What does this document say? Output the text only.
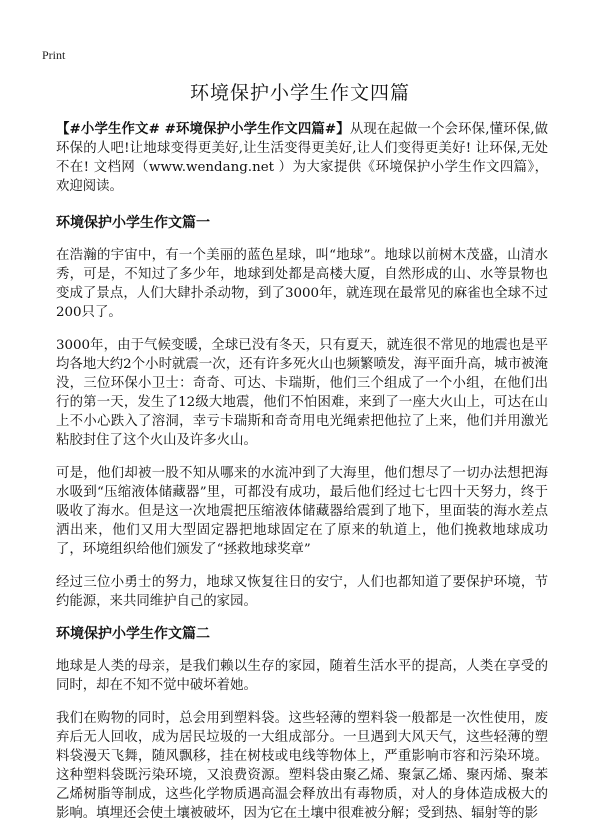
Print
环境保护小学生作文四篇

【#小学生作文# #环境保护小学生作文四篇#】从现在起做一个会环保,懂环保,做环保的人吧!让地球变得更美好,让生活变得更美好,让人们变得更美好! 让环保,无处不在! 文档网（www.wendang.net ）为大家提供《环境保护小学生作文四篇》，欢迎阅读。

环境保护小学生作文篇一

在浩瀚的宇宙中，有一个美丽的蓝色星球，叫“地球”。地球以前树木茂盛，山清水秀，可是，不知过了多少年，地球到处都是高楼大厦，自然形成的山、水等景物也变成了景点，人们大肆扑杀动物，到了3000年，就连现在最常见的麻雀也全球不过200只了。

3000年，由于气候变暖，全球已没有冬天，只有夏天，就连很不常见的地震也是平均各地大约2个小时就震一次，还有许多死火山也频繁喷发，海平面升高，城市被淹没，三位环保小卫士：奇奇、可达、卡瑞斯，他们三个组成了一个小组，在他们出行的第一天，发生了12级大地震，他们不怕困难，来到了一座大火山上，可达在山上不小心跌入了溶洞，幸亏卡瑞斯和奇奇用电光绳索把他拉了上来，他们并用激光粘胶封住了这个火山及许多火山。

可是，他们却被一股不知从哪来的水流冲到了大海里，他们想尽了一切办法想把海水吸到“压缩液体储藏器”里，可都没有成功，最后他们经过七七四十天努力，终于吸收了海水。但是这一次地震把压缩液体储藏器给震到了地下，里面装的海水差点洒出来，他们又用大型固定器把地球固定在了原来的轨道上，他们挽救地球成功了，环境组织给他们颁发了“拯救地球奖章”

经过三位小勇士的努力，地球又恢复往日的安宁，人们也都知道了要保护环境，节约能源，来共同维护自己的家园。

环境保护小学生作文篇二

地球是人类的母亲，是我们赖以生存的家园，随着生活水平的提高，人类在享受的同时，却在不知不觉中破坏着她。

我们在购物的同时，总会用到塑料袋。这些轻薄的塑料袋一般都是一次性使用，废弃后无人回收，成为居民垃圾的一大组成部分。一旦遇到大风天气，这些轻薄的塑料袋漫天飞舞，随风飘移，挂在树枝或电线等物体上，严重影响市容和污染环境。这种塑料袋既污染环境，又浪费资源。塑料袋由聚乙烯、聚氯乙烯、聚丙烯、聚苯乙烯树脂等制成，这些化学物质遇高温会释放出有毒物质，对人的身体造成极大的影响。填埋还会使土壤被破坏，因为它在土壤中很难被分解；受到热、辐射等的影
